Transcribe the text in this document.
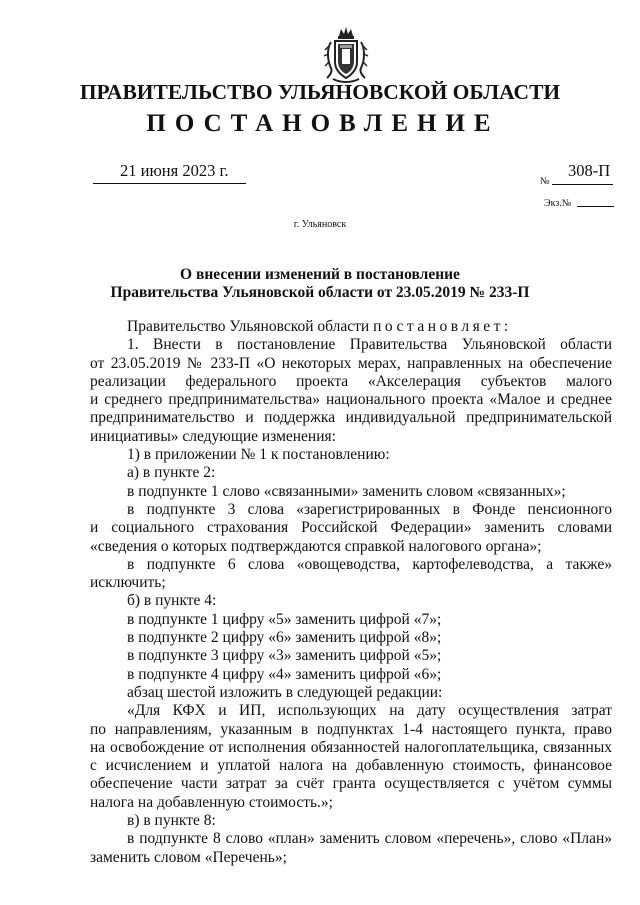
ПРАВИТЕЛЬСТВО УЛЬЯНОВСКОЙ ОБЛАСТИ
ПОСТАНОВЛЕНИЕ
21 июня 2023 г.	308-П
№
Экз.№
г. Ульяновск
О внесении изменений в постановление
Правительства Ульяновской области от 23.05.2019 № 233-П
Правительство Ульяновской области постановляет:
1. Внести в постановление Правительства Ульяновской области
от 23.05.2019 № 233-П «О некоторых мерах, направленных на обеспечение
реализации федерального проекта «Акселерация субъектов малого
и среднего предпринимательства» национального проекта «Малое и среднее
предпринимательство и поддержка индивидуальной предпринимательской
инициативы» следующие изменения:
1) в приложении № 1 к постановлению:
а) в пункте 2:
в подпункте 1 слово «связанными» заменить словом «связанных»;
в подпункте 3 слова «зарегистрированных в Фонде пенсионного
и социального страхования Российской Федерации» заменить словами
«сведения о которых подтверждаются справкой налогового органа»;
в подпункте 6 слова «овощеводства, картофелеводства, а также»
исключить;
б) в пункте 4:
в подпункте 1 цифру «5» заменить цифрой «7»;
в подпункте 2 цифру «6» заменить цифрой «8»;
в подпункте 3 цифру «3» заменить цифрой «5»;
в подпункте 4 цифру «4» заменить цифрой «6»;
абзац шестой изложить в следующей редакции:
«Для КФХ и ИП, использующих на дату осуществления затрат
по направлениям, указанным в подпунктах 1-4 настоящего пункта, право
на освобождение от исполнения обязанностей налогоплательщика, связанных
с исчислением и уплатой налога на добавленную стоимость, финансовое
обеспечение части затрат за счёт гранта осуществляется с учётом суммы
налога на добавленную стоимость.»;
в) в пункте 8:
в подпункте 8 слово «план» заменить словом «перечень», слово «План»
заменить словом «Перечень»;
